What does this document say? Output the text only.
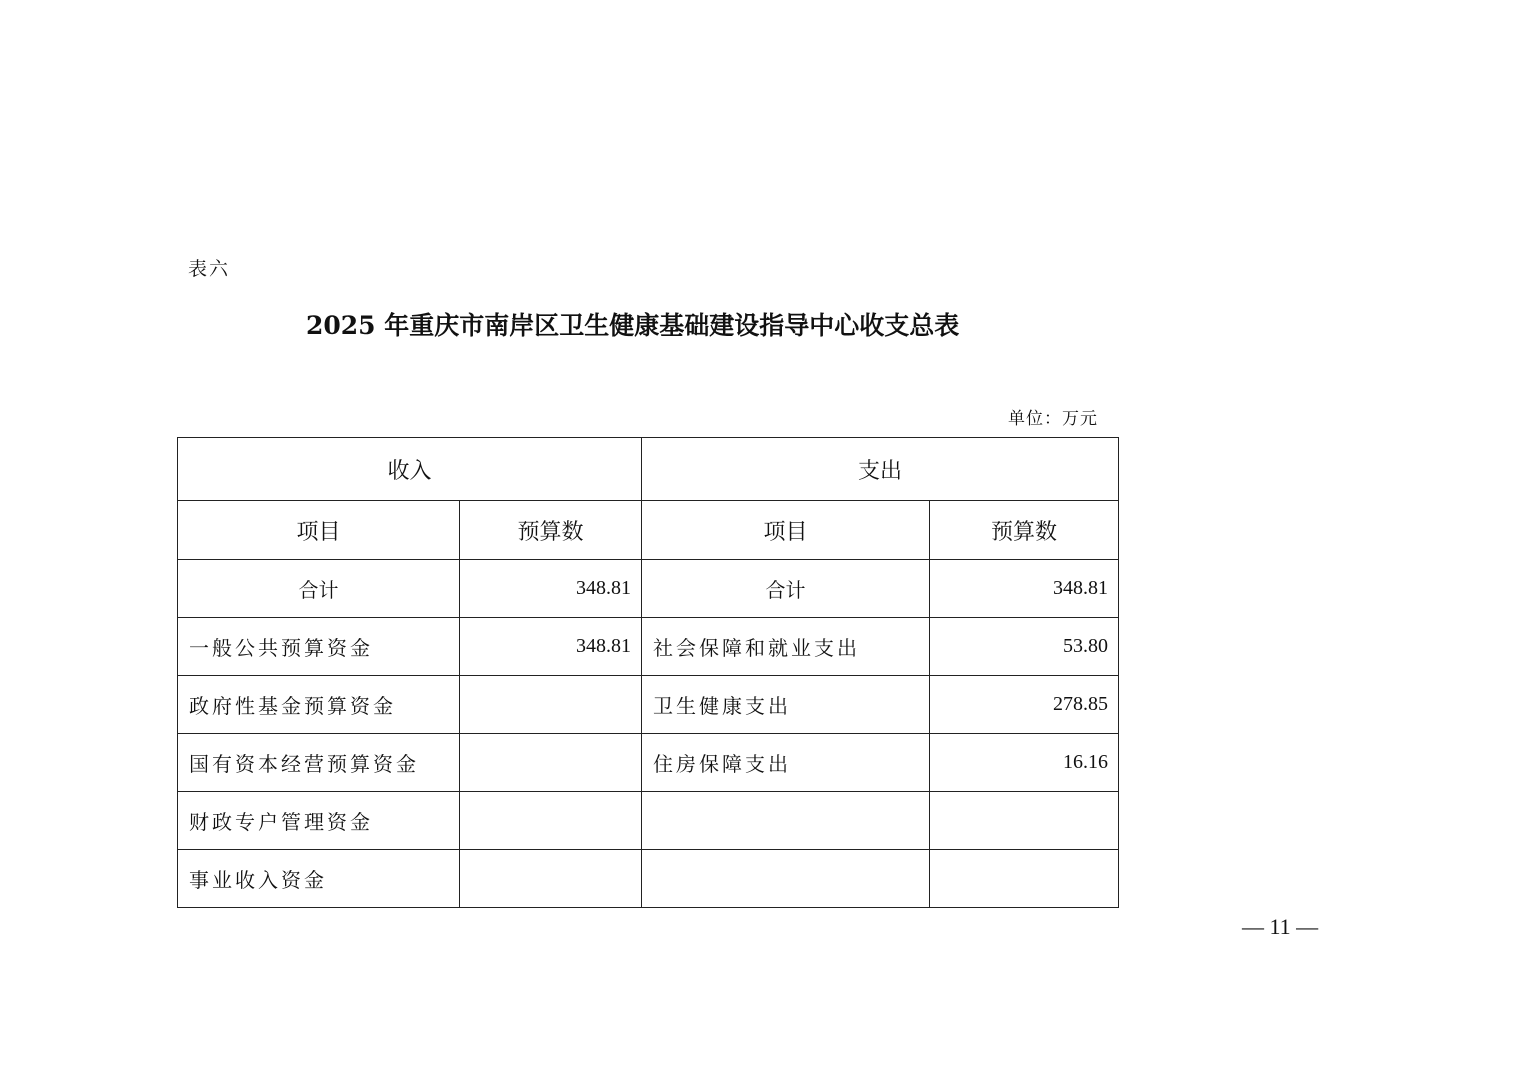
表六
2025 年重庆市南岸区卫生健康基础建设指导中心收支总表
单位：万元
收入		支出	
项目	预算数	项目	预算数
合计	348.81	合计	348.81
一般公共预算资金	348.81	社会保障和就业支出	53.80
政府性基金预算资金		卫生健康支出	278.85
国有资本经营预算资金		住房保障支出	16.16
财政专户管理资金			
事业收入资金			
— 11 —
